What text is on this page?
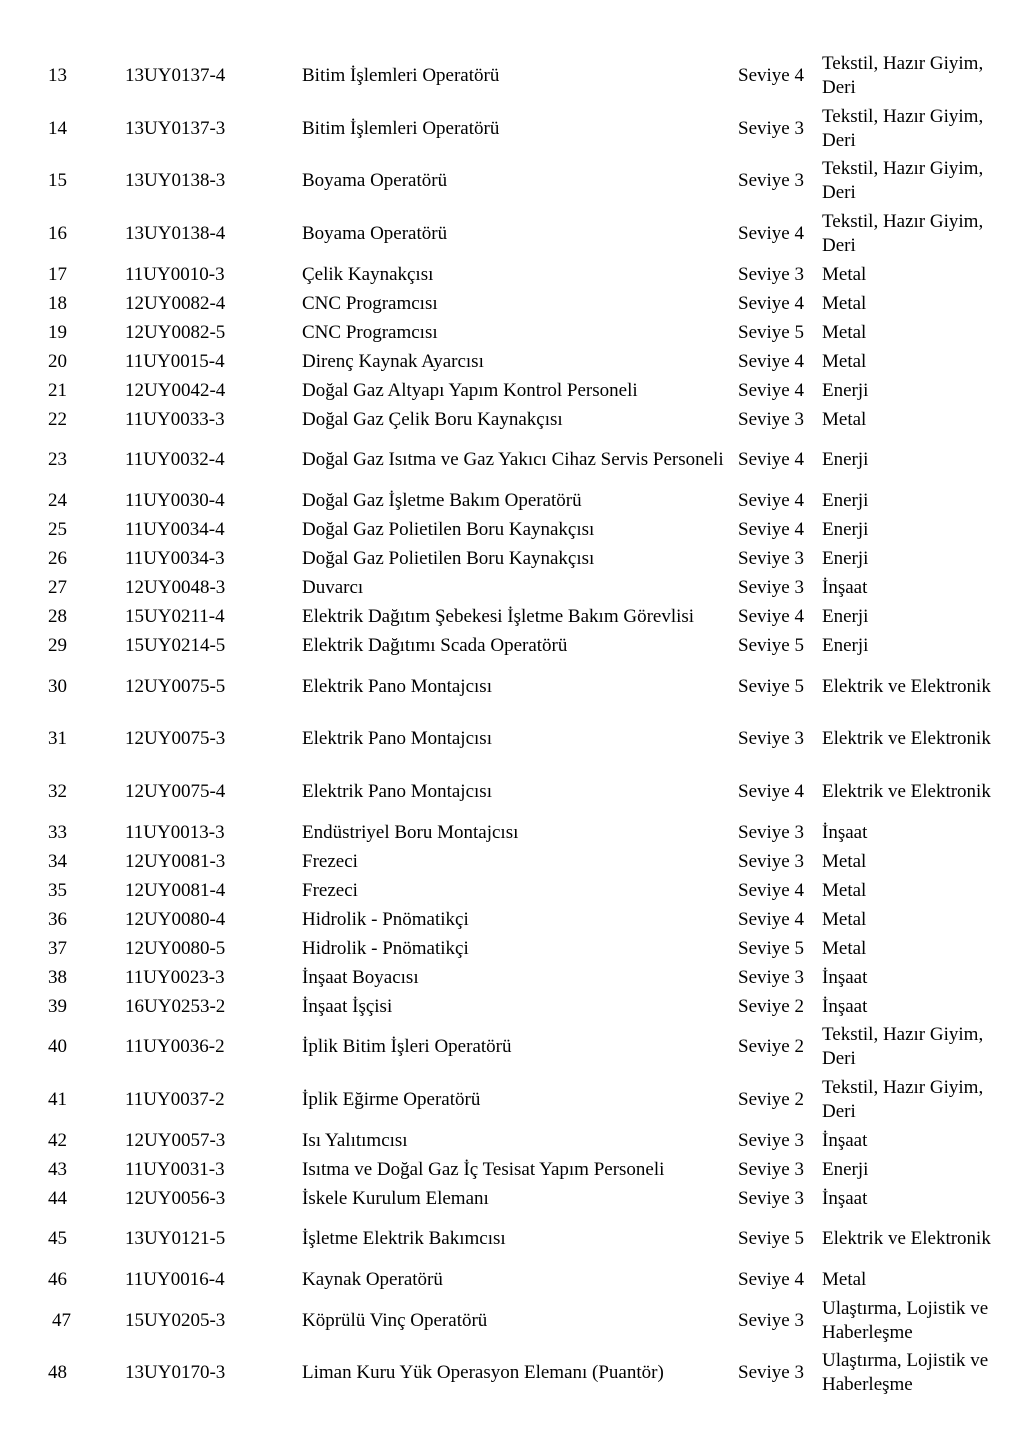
13	13UY0137-4	Bitim İşlemleri Operatörü	Seviye 4	Tekstil, Hazır Giyim, Deri
14	13UY0137-3	Bitim İşlemleri Operatörü	Seviye 3	Tekstil, Hazır Giyim, Deri
15	13UY0138-3	Boyama Operatörü	Seviye 3	Tekstil, Hazır Giyim, Deri
16	13UY0138-4	Boyama Operatörü	Seviye 4	Tekstil, Hazır Giyim, Deri
17	11UY0010-3	Çelik Kaynakçısı	Seviye 3	Metal
18	12UY0082-4	CNC Programcısı	Seviye 4	Metal
19	12UY0082-5	CNC Programcısı	Seviye 5	Metal
20	11UY0015-4	Direnç Kaynak Ayarcısı	Seviye 4	Metal
21	12UY0042-4	Doğal Gaz Altyapı Yapım Kontrol Personeli	Seviye 4	Enerji
22	11UY0033-3	Doğal Gaz Çelik Boru Kaynakçısı	Seviye 3	Metal
23	11UY0032-4	Doğal Gaz Isıtma ve Gaz Yakıcı Cihaz Servis Personeli	Seviye 4	Enerji
24	11UY0030-4	Doğal Gaz İşletme Bakım Operatörü	Seviye 4	Enerji
25	11UY0034-4	Doğal Gaz Polietilen Boru Kaynakçısı	Seviye 4	Enerji
26	11UY0034-3	Doğal Gaz Polietilen Boru Kaynakçısı	Seviye 3	Enerji
27	12UY0048-3	Duvarcı	Seviye 3	İnşaat
28	15UY0211-4	Elektrik Dağıtım Şebekesi İşletme Bakım Görevlisi	Seviye 4	Enerji
29	15UY0214-5	Elektrik Dağıtımı Scada Operatörü	Seviye 5	Enerji
30	12UY0075-5	Elektrik Pano Montajcısı	Seviye 5	Elektrik ve Elektronik
31	12UY0075-3	Elektrik Pano Montajcısı	Seviye 3	Elektrik ve Elektronik
32	12UY0075-4	Elektrik Pano Montajcısı	Seviye 4	Elektrik ve Elektronik
33	11UY0013-3	Endüstriyel Boru Montajcısı	Seviye 3	İnşaat
34	12UY0081-3	Frezeci	Seviye 3	Metal
35	12UY0081-4	Frezeci	Seviye 4	Metal
36	12UY0080-4	Hidrolik - Pnömatikçi	Seviye 4	Metal
37	12UY0080-5	Hidrolik - Pnömatikçi	Seviye 5	Metal
38	11UY0023-3	İnşaat Boyacısı	Seviye 3	İnşaat
39	16UY0253-2	İnşaat İşçisi	Seviye 2	İnşaat
40	11UY0036-2	İplik Bitim İşleri Operatörü	Seviye 2	Tekstil, Hazır Giyim, Deri
41	11UY0037-2	İplik Eğirme Operatörü	Seviye 2	Tekstil, Hazır Giyim, Deri
42	12UY0057-3	Isı Yalıtımcısı	Seviye 3	İnşaat
43	11UY0031-3	Isıtma ve Doğal Gaz İç Tesisat Yapım Personeli	Seviye 3	Enerji
44	12UY0056-3	İskele Kurulum Elemanı	Seviye 3	İnşaat
45	13UY0121-5	İşletme Elektrik Bakımcısı	Seviye 5	Elektrik ve Elektronik
46	11UY0016-4	Kaynak Operatörü	Seviye 4	Metal
47	15UY0205-3	Köprülü Vinç Operatörü	Seviye 3	Ulaştırma, Lojistik ve Haberleşme
48	13UY0170-3	Liman Kuru Yük Operasyon Elemanı (Puantör)	Seviye 3	Ulaştırma, Lojistik ve Haberleşme
